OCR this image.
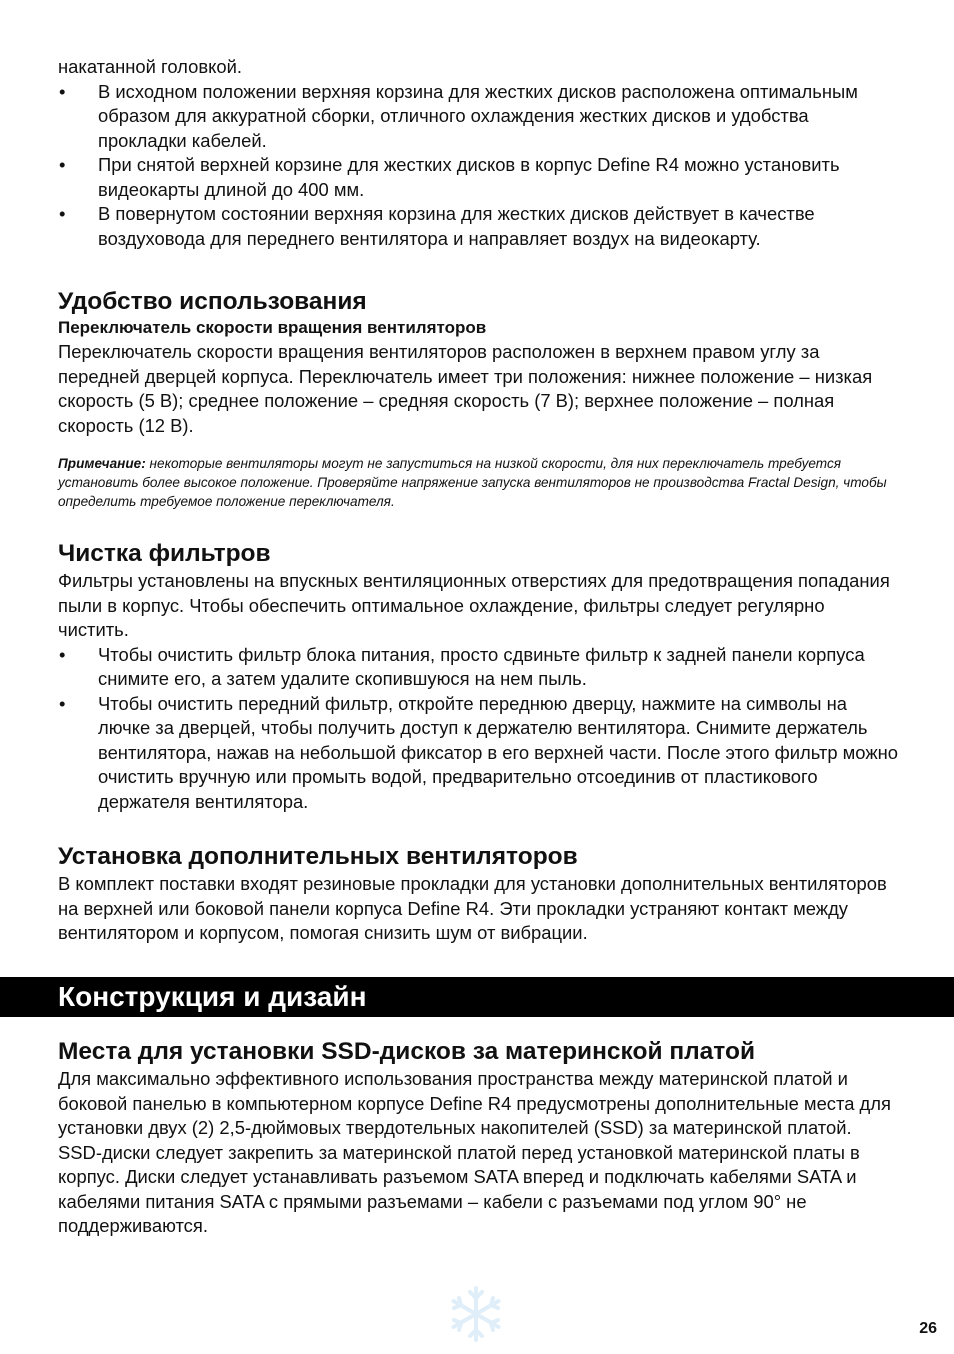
накатанной головкой.

• В исходном положении верхняя корзина для жестких дисков расположена оптимальным образом для аккуратной сборки, отличного охлаждения жестких дисков и удобства прокладки кабелей.
• При снятой верхней корзине для жестких дисков в корпус Define R4 можно установить видеокарты длиной до 400 мм.
• В повернутом состоянии верхняя корзина для жестких дисков действует в качестве воздуховода для переднего вентилятора и направляет воздух на видеокарту.
Удобство использования
Переключатель скорости вращения вентиляторов

Переключатель скорости вращения вентиляторов расположен в верхнем правом углу за передней дверцей корпуса. Переключатель имеет три положения: нижнее положение – низкая скорость (5 В); среднее положение – средняя скорость (7 В); верхнее положение – полная скорость (12 В).

Примечание: некоторые вентиляторы могут не запуститься на низкой скорости, для них переключатель требуется установить более высокое положение. Проверяйте напряжение запуска вентиляторов не производства Fractal Design, чтобы определить требуемое положение переключателя.

Чистка фильтров

Фильтры установлены на впускных вентиляционных отверстиях для предотвращения попадания пыли в корпус. Чтобы обеспечить оптимальное охлаждение, фильтры следует регулярно чистить.

• Чтобы очистить фильтр блока питания, просто сдвиньте фильтр к задней панели корпуса снимите его, а затем удалите скопившуюся на нем пыль.
• Чтобы очистить передний фильтр, откройте переднюю дверцу, нажмите на символы на лючке за дверцей, чтобы получить доступ к держателю вентилятора. Снимите держатель вентилятора, нажав на небольшой фиксатор в его верхней части. После этого фильтр можно очистить вручную или промыть водой, предварительно отсоединив от пластикового держателя вентилятора.
Установка дополнительных вентиляторов

В комплект поставки входят резиновые прокладки для установки дополнительных вентиляторов на верхней или боковой панели корпуса Define R4. Эти прокладки устраняют контакт между вентилятором и корпусом, помогая снизить шум от вибрации.

Конструкция и дизайн
Места для установки SSD-дисков за материнской платой

Для максимально эффективного использования пространства между материнской платой и боковой панелью в компьютерном корпусе Define R4 предусмотрены дополнительные места для установки двух (2) 2,5-дюймовых твердотельных накопителей (SSD) за материнской платой.

SSD-диски следует закрепить за материнской платой перед установкой материнской платы в корпус. Диски следует устанавливать разъемом SATA вперед и подключать кабелями SATA и кабелями питания SATA с прямыми разъемами – кабели с разъемами под углом 90° не поддерживаются.

26
